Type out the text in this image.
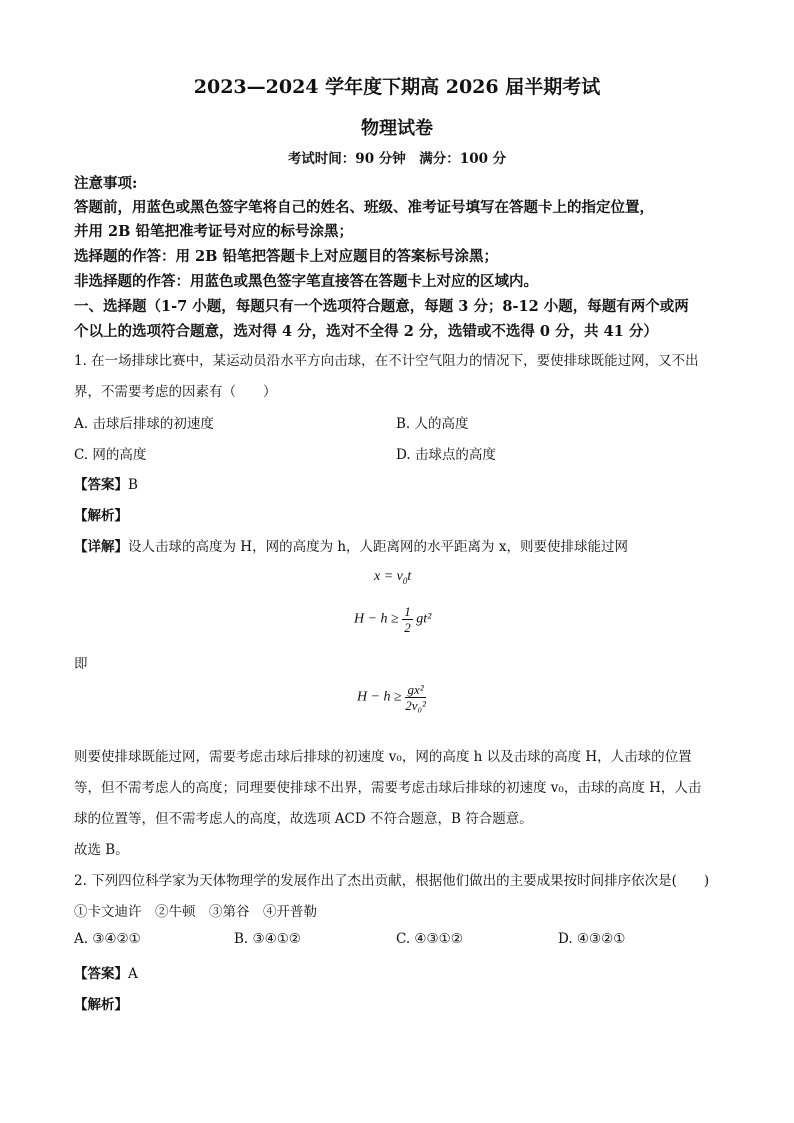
2023—2024 学年度下期高 2026 届半期考试
物理试卷
考试时间：90 分钟　满分：100 分
注意事项:
答题前，用蓝色或黑色签字笔将自己的姓名、班级、准考证号填写在答题卡上的指定位置，
并用 2B 铅笔把准考证号对应的标号涂黑；
选择题的作答：用 2B 铅笔把答题卡上对应题目的答案标号涂黑；
非选择题的作答：用蓝色或黑色签字笔直接答在答题卡上对应的区域内。
一、选择题（1-7 小题，每题只有一个选项符合题意，每题 3 分；8-12 小题，每题有两个或两
个以上的选项符合题意，选对得 4 分，选对不全得 2 分，选错或不选得 0 分，共 41 分）
1. 在一场排球比赛中，某运动员沿水平方向击球，在不计空气阻力的情况下，要使排球既能过网，又不出
界，不需要考虑的因素有（　　）
A. 击球后排球的初速度	B. 人的高度
C. 网的高度	D. 击球点的高度
【答案】B
【解析】
【详解】设人击球的高度为 H，网的高度为 h，人距离网的水平距离为 x，则要使排球能过网
$x = v_0t$
$H - h \ge \frac{1}{2} gt^2$
即
$H - h \ge \frac{\text{gx²}}{\text{2v₀²}}$
则要使排球既能过网，需要考虑击球后排球的初速度 v₀，网的高度 h 以及击球的高度 H，人击球的位置
等，但不需考虑人的高度；同理要使排球不出界，需要考虑击球后排球的初速度 v₀，击球的高度 H，人击
球的位置等，但不需考虑人的高度，故选项 ACD 不符合题意，B 符合题意。
故选 B。
2. 下列四位科学家为天体物理学的发展作出了杰出贡献，根据他们做出的主要成果按时间排序依次是(　　)
①卡文迪许　②牛顿　③第谷　④开普勒
A. ③④②①	B. ③④①②	C. ④③①②	D. ④③②①
【答案】A
【解析】
